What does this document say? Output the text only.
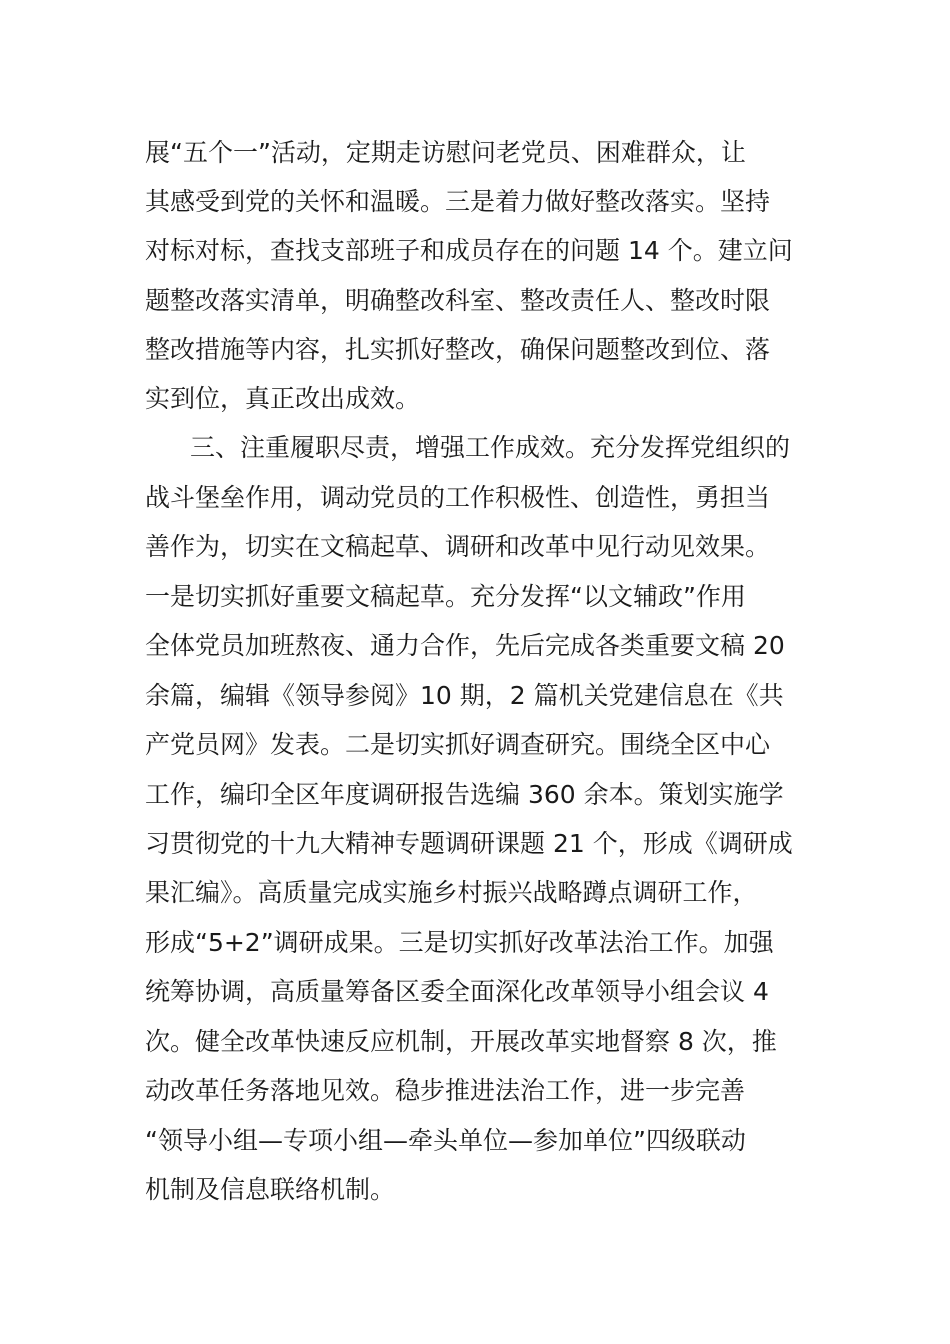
展“五个一”活动，定期走访慰问老党员、困难群众，让
其感受到党的关怀和温暖。三是着力做好整改落实。坚持
对标对标，查找支部班子和成员存在的问题 14 个。建立问
题整改落实清单，明确整改科室、整改责任人、整改时限
整改措施等内容，扎实抓好整改，确保问题整改到位、落
实到位，真正改出成效。
三、注重履职尽责，增强工作成效。充分发挥党组织的
战斗堡垒作用，调动党员的工作积极性、创造性，勇担当
善作为，切实在文稿起草、调研和改革中见行动见效果。
一是切实抓好重要文稿起草。充分发挥“以文辅政”作用
全体党员加班熬夜、通力合作，先后完成各类重要文稿 20
余篇，编辑《领导参阅》10 期，2 篇机关党建信息在《共
产党员网》发表。二是切实抓好调查研究。围绕全区中心
工作，编印全区年度调研报告选编 360 余本。策划实施学
习贯彻党的十九大精神专题调研课题 21 个，形成《调研成
果汇编》。高质量完成实施乡村振兴战略蹲点调研工作，
形成“5+2”调研成果。三是切实抓好改革法治工作。加强
统筹协调，高质量筹备区委全面深化改革领导小组会议 4
次。健全改革快速反应机制，开展改革实地督察 8 次，推
动改革任务落地见效。稳步推进法治工作，进一步完善
“领导小组—专项小组—牵头单位—参加单位”四级联动
机制及信息联络机制。
